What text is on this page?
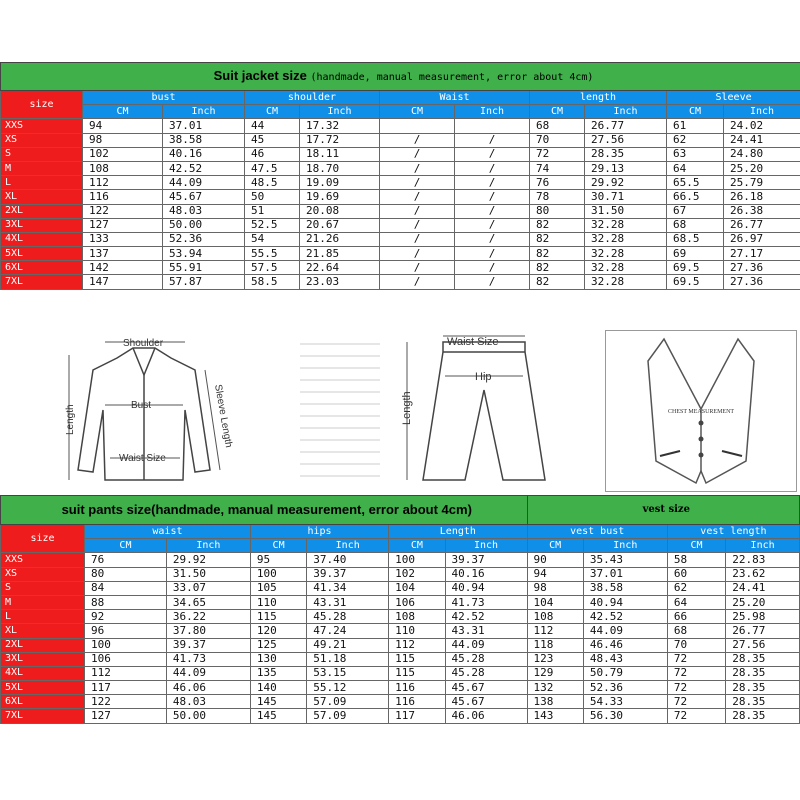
Suit jacket size (handmade, manual measurement, error about 4cm)										
size	bust		shoulder		Waist		length		Sleeve	
	CM	Inch	CM	Inch	CM	Inch	CM	Inch	CM	Inch
XXS	94	37.01	44	17.32			68	26.77	61	24.02
XS	98	38.58	45	17.72	/	/	70	27.56	62	24.41
S	102	40.16	46	18.11	/	/	72	28.35	63	24.80
M	108	42.52	47.5	18.70	/	/	74	29.13	64	25.20
L	112	44.09	48.5	19.09	/	/	76	29.92	65.5	25.79
XL	116	45.67	50	19.69	/	/	78	30.71	66.5	26.18
2XL	122	48.03	51	20.08	/	/	80	31.50	67	26.38
3XL	127	50.00	52.5	20.67	/	/	82	32.28	68	26.77
4XL	133	52.36	54	21.26	/	/	82	32.28	68.5	26.97
5XL	137	53.94	55.5	21.85	/	/	82	32.28	69	27.17
6XL	142	55.91	57.5	22.64	/	/	82	32.28	69.5	27.36
7XL	147	57.87	58.5	23.03	/	/	82	32.28	69.5	27.36
Shoulder
Bust
Waist Size
Length	Sleeve Length
Waist Size
Hip
Length	CHEST MEASUREMENT
suit pants size(handmade, manual measurement, error about 4cm)							vest size			
size	waist		hips		Length		vest bust		vest length	
	CM	Inch	CM	Inch	CM	Inch	CM	Inch	CM	Inch
XXS	76	29.92	95	37.40	100	39.37	90	35.43	58	22.83
XS	80	31.50	100	39.37	102	40.16	94	37.01	60	23.62
S	84	33.07	105	41.34	104	40.94	98	38.58	62	24.41
M	88	34.65	110	43.31	106	41.73	104	40.94	64	25.20
L	92	36.22	115	45.28	108	42.52	108	42.52	66	25.98
XL	96	37.80	120	47.24	110	43.31	112	44.09	68	26.77
2XL	100	39.37	125	49.21	112	44.09	118	46.46	70	27.56
3XL	106	41.73	130	51.18	115	45.28	123	48.43	72	28.35
4XL	112	44.09	135	53.15	115	45.28	129	50.79	72	28.35
5XL	117	46.06	140	55.12	116	45.67	132	52.36	72	28.35
6XL	122	48.03	145	57.09	116	45.67	138	54.33	72	28.35
7XL	127	50.00	145	57.09	117	46.06	143	56.30	72	28.35
